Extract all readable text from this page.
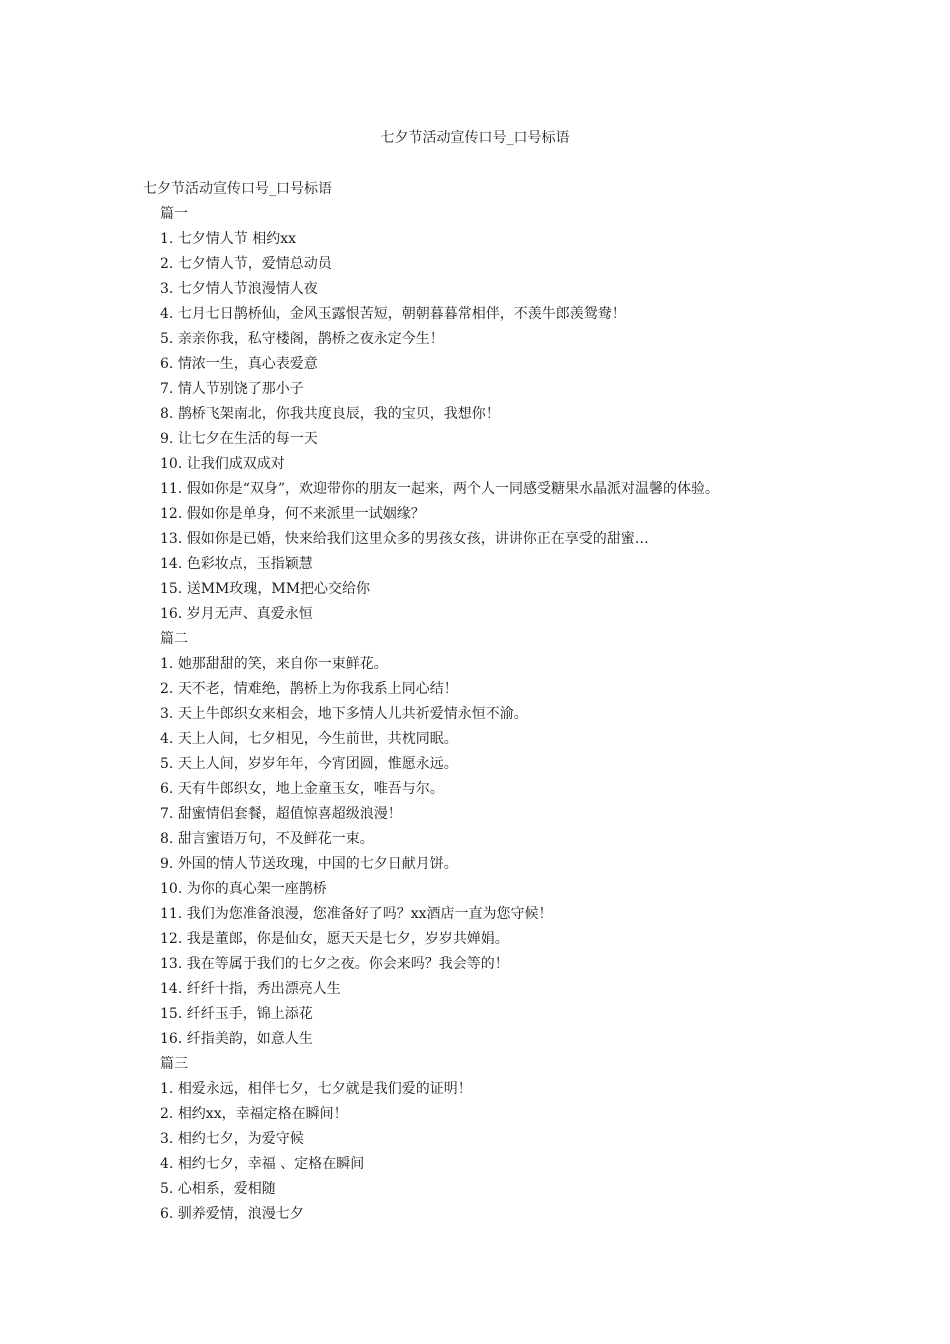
七夕节活动宣传口号_口号标语
七夕节活动宣传口号_口号标语
篇一
1.
七夕情人节 相约xx
2.
七夕情人节，爱情总动员
3.
七夕情人节浪漫情人夜
4.
七月七日鹊桥仙，金风玉露恨苦短，朝朝暮暮常相伴，不羡牛郎羡鸳鸯！
5.
亲亲你我，私守楼阁，鹊桥之夜永定今生！
6.
情浓一生，真心表爱意
7.
情人节别饶了那小子
8.
鹊桥飞架南北，你我共度良辰，我的宝贝，我想你！
9.
让七夕在生活的每一天
10.
让我们成双成对
11.
假如你是“双身”，欢迎带你的朋友一起来，两个人一同感受糖果水晶派对温馨的体验。
12.
假如你是单身，何不来派里一试姻缘？
13.
假如你是已婚，快来给我们这里众多的男孩女孩，讲讲你正在享受的甜蜜…
14.
色彩妆点，玉指颖慧
15.
送MM玫瑰，MM把心交给你
16.
岁月无声、真爱永恒
篇二
1.
她那甜甜的笑，来自你一束鲜花。
2.
天不老，情难绝，鹊桥上为你我系上同心结！
3.
天上牛郎织女来相会，地下多情人儿共祈爱情永恒不渝。
4.
天上人间，七夕相见，今生前世，共枕同眠。
5.
天上人间，岁岁年年，今宵团圆，惟愿永远。
6.
天有牛郎织女，地上金童玉女，唯吾与尔。
7.
甜蜜情侣套餐，超值惊喜超级浪漫！
8.
甜言蜜语万句，不及鲜花一束。
9.
外国的情人节送玫瑰，中国的七夕日献月饼。
10.
为你的真心架一座鹊桥
11.
我们为您准备浪漫，您准备好了吗？xx酒店一直为您守候！
12.
我是董郎，你是仙女，愿天天是七夕，岁岁共婵娟。
13.
我在等属于我们的七夕之夜。你会来吗？我会等的！
14.
纤纤十指，秀出漂亮人生
15.
纤纤玉手，锦上添花
16.
纤指美韵，如意人生
篇三
1.
相爱永远，相伴七夕，七夕就是我们爱的证明！
2.
相约xx，幸福定格在瞬间！
3.
相约七夕，为爱守候
4.
相约七夕，幸福 、定格在瞬间
5.
心相系，爱相随
6.
驯养爱情，浪漫七夕
